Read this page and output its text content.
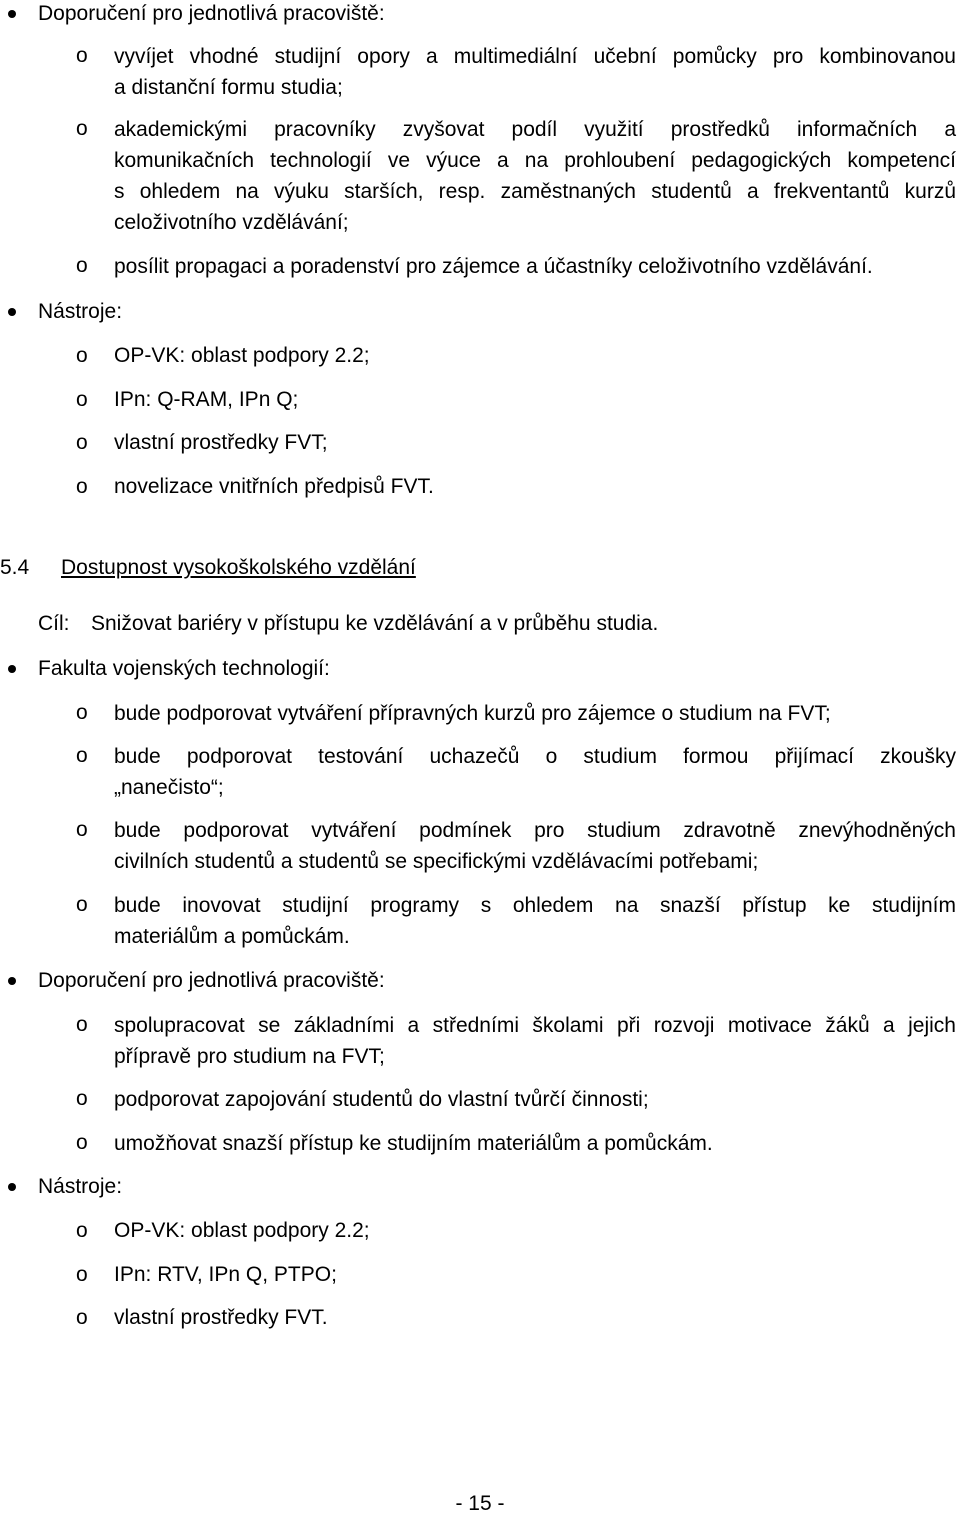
Doporučení pro jednotlivá pracoviště:
o vyvíjet vhodné studijní opory a multimediální učební pomůcky pro kombinovanou
a distanční formu studia;
o akademickými pracovníky zvyšovat podíl využití prostředků informačních a
komunikačních technologií ve výuce a na prohloubení pedagogických kompetencí
s ohledem na výuku starších, resp. zaměstnaných studentů a frekventantů kurzů
celoživotního vzdělávání;
o posílit propagaci a poradenství pro zájemce a účastníky celoživotního vzdělávání.
Nástroje:
o OP-VK: oblast podpory 2.2;
o IPn: Q-RAM, IPn Q;
o vlastní prostředky FVT;
o novelizace vnitřních předpisů FVT.
5.4 Dostupnost vysokoškolského vzdělání
Cíl: Snižovat bariéry v přístupu ke vzdělávání a v průběhu studia.
Fakulta vojenských technologií:
o bude podporovat vytváření přípravných kurzů pro zájemce o studium na FVT;
o bude podporovat testování uchazečů o studium formou přijímací zkoušky
„nanečisto“;
o bude podporovat vytváření podmínek pro studium zdravotně znevýhodněných
civilních studentů a studentů se specifickými vzdělávacími potřebami;
o bude inovovat studijní programy s ohledem na snazší přístup ke studijním
materiálům a pomůckám.
Doporučení pro jednotlivá pracoviště:
o spolupracovat se základními a středními školami při rozvoji motivace žáků a jejich
přípravě pro studium na FVT;
o podporovat zapojování studentů do vlastní tvůrčí činnosti;
o umožňovat snazší přístup ke studijním materiálům a pomůckám.
Nástroje:
o OP-VK: oblast podpory 2.2;
o IPn: RTV, IPn Q, PTPO;
o vlastní prostředky FVT.
- 15 -
